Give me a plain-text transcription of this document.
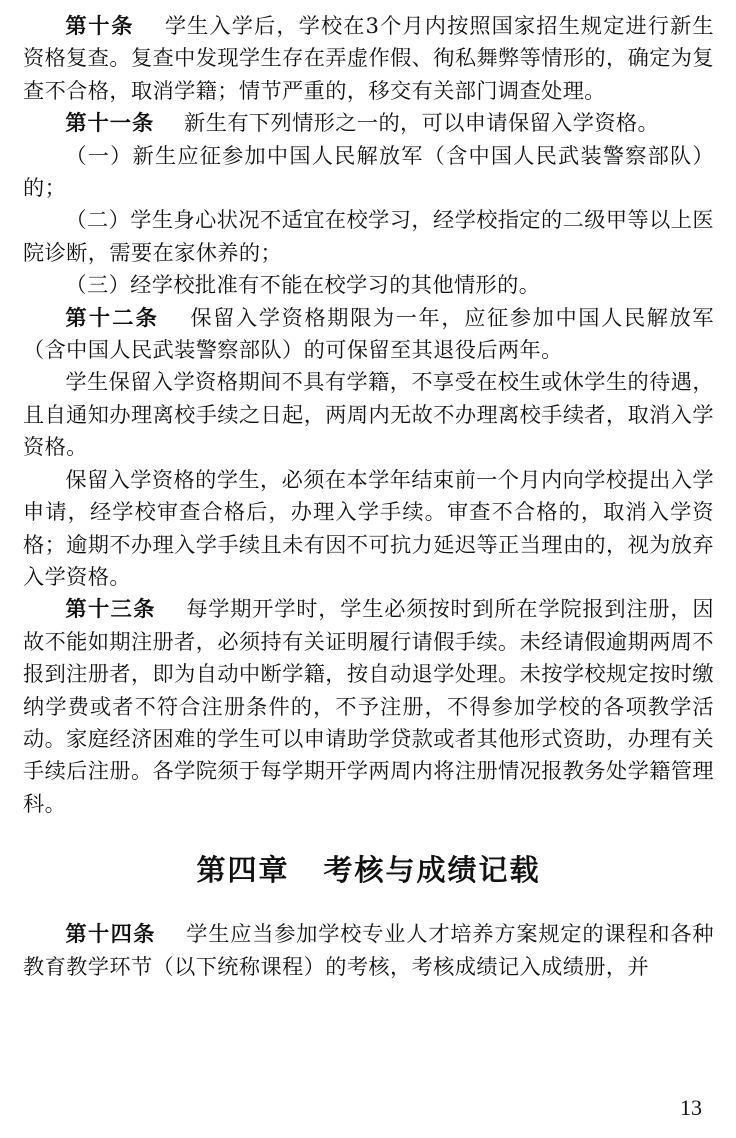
第十条 学生入学后，学校在3个月内按照国家招生规定进行新生资格复查。复查中发现学生存在弄虚作假、徇私舞弊等情形的，确定为复查不合格，取消学籍；情节严重的，移交有关部门调查处理。

第十一条 新生有下列情形之一的，可以申请保留入学资格。

（一）新生应征参加中国人民解放军（含中国人民武装警察部队）的；

（二）学生身心状况不适宜在校学习，经学校指定的二级甲等以上医院诊断，需要在家休养的；

（三）经学校批准有不能在校学习的其他情形的。

第十二条 保留入学资格期限为一年，应征参加中国人民解放军（含中国人民武装警察部队）的可保留至其退役后两年。

学生保留入学资格期间不具有学籍，不享受在校生或休学生的待遇，且自通知办理离校手续之日起，两周内无故不办理离校手续者，取消入学资格。

保留入学资格的学生，必须在本学年结束前一个月内向学校提出入学申请，经学校审查合格后，办理入学手续。审查不合格的，取消入学资格；逾期不办理入学手续且未有因不可抗力延迟等正当理由的，视为放弃入学资格。

第十三条 每学期开学时，学生必须按时到所在学院报到注册，因故不能如期注册者，必须持有关证明履行请假手续。未经请假逾期两周不报到注册者，即为自动中断学籍，按自动退学处理。未按学校规定按时缴纳学费或者不符合注册条件的，不予注册，不得参加学校的各项教学活动。家庭经济困难的学生可以申请助学贷款或者其他形式资助，办理有关手续后注册。各学院须于每学期开学两周内将注册情况报教务处学籍管理科。

第四章 考核与成绩记载

第十四条 学生应当参加学校专业人才培养方案规定的课程和各种教育教学环节（以下统称课程）的考核，考核成绩记入成绩册，并

13
